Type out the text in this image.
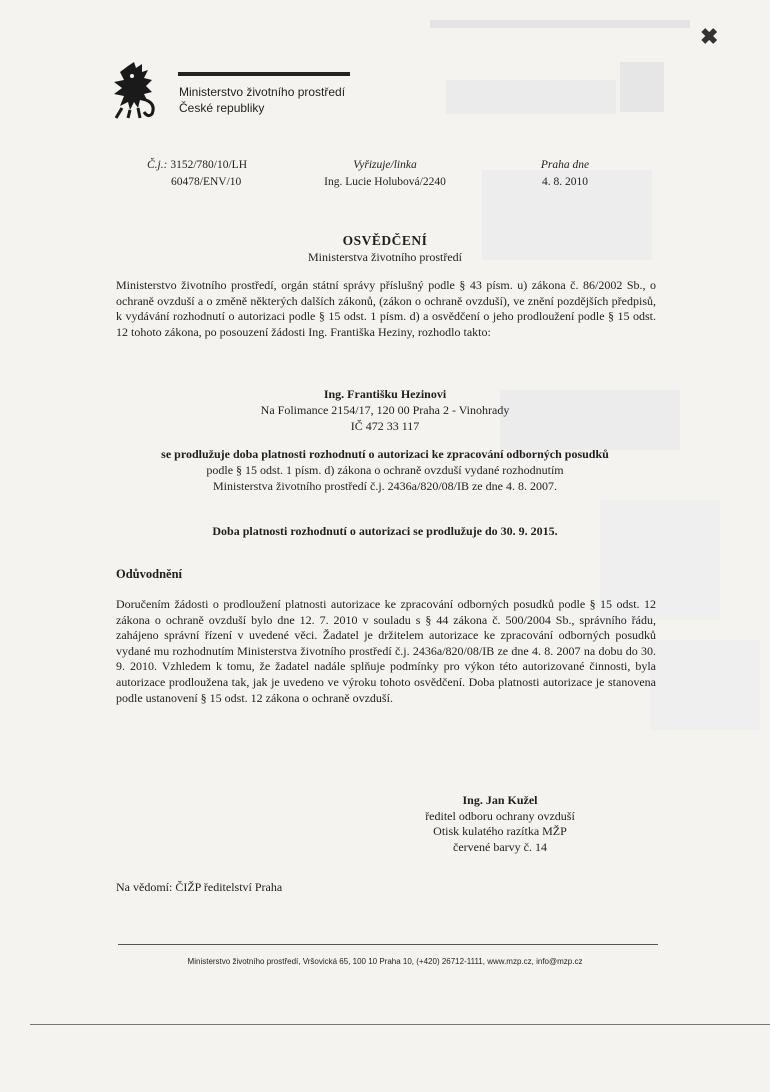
✖
Ministerstvo životního prostředí
České republiky
Č.j.: 3152/780/10/LH
60478/ENV/10
Vyřizuje/linka
Ing. Lucie Holubová/2240
Praha dne
4. 8. 2010
OSVĚDČENÍ
Ministerstva životního prostředí
Ministerstvo životního prostředí, orgán státní správy příslušný podle § 43 písm. u) zákona č. 86/2002 Sb., o ochraně ovzduší a o změně některých dalších zákonů, (zákon o ochraně ovzduší), ve znění pozdějších předpisů, k vydávání rozhodnutí o autorizaci podle § 15 odst. 1 písm. d) a osvědčení o jeho prodloužení podle § 15 odst. 12 tohoto zákona, po posouzení žádosti Ing. Františka Heziny, rozhodlo takto:
Ing. Františku Hezinovi
Na Folimance 2154/17, 120 00 Praha 2 - Vinohrady
IČ 472 33 117
se prodlužuje doba platnosti rozhodnutí o autorizaci ke zpracování odborných posudků
podle § 15 odst. 1 písm. d) zákona o ochraně ovzduší vydané rozhodnutím
Ministerstva životního prostředí č.j. 2436a/820/08/IB ze dne 4. 8. 2007.
Doba platnosti rozhodnutí o autorizaci se prodlužuje do 30. 9. 2015.
Odůvodnění
Doručením žádosti o prodloužení platnosti autorizace ke zpracování odborných posudků podle § 15 odst. 12 zákona o ochraně ovzduší bylo dne 12. 7. 2010 v souladu s § 44 zákona č. 500/2004 Sb., správního řádu, zahájeno správní řízení v uvedené věci. Žadatel je držitelem autorizace ke zpracování odborných posudků vydané mu rozhodnutím Ministerstva životního prostředí č.j. 2436a/820/08/IB ze dne 4. 8. 2007 na dobu do 30. 9. 2010. Vzhledem k tomu, že žadatel nadále splňuje podmínky pro výkon této autorizované činnosti, byla autorizace prodloužena tak, jak je uvedeno ve výroku tohoto osvědčení. Doba platnosti autorizace je stanovena podle ustanovení § 15 odst. 12 zákona o ochraně ovzduší.
Ing. Jan Kužel
ředitel odboru ochrany ovzduší
Otisk kulatého razítka MŽP
červené barvy č. 14
Na vědomí: ČIŽP ředitelství Praha
Ministerstvo životního prostředí, Vršovická 65, 100 10 Praha 10, (+420) 26712-1111, www.mzp.cz, info@mzp.cz
